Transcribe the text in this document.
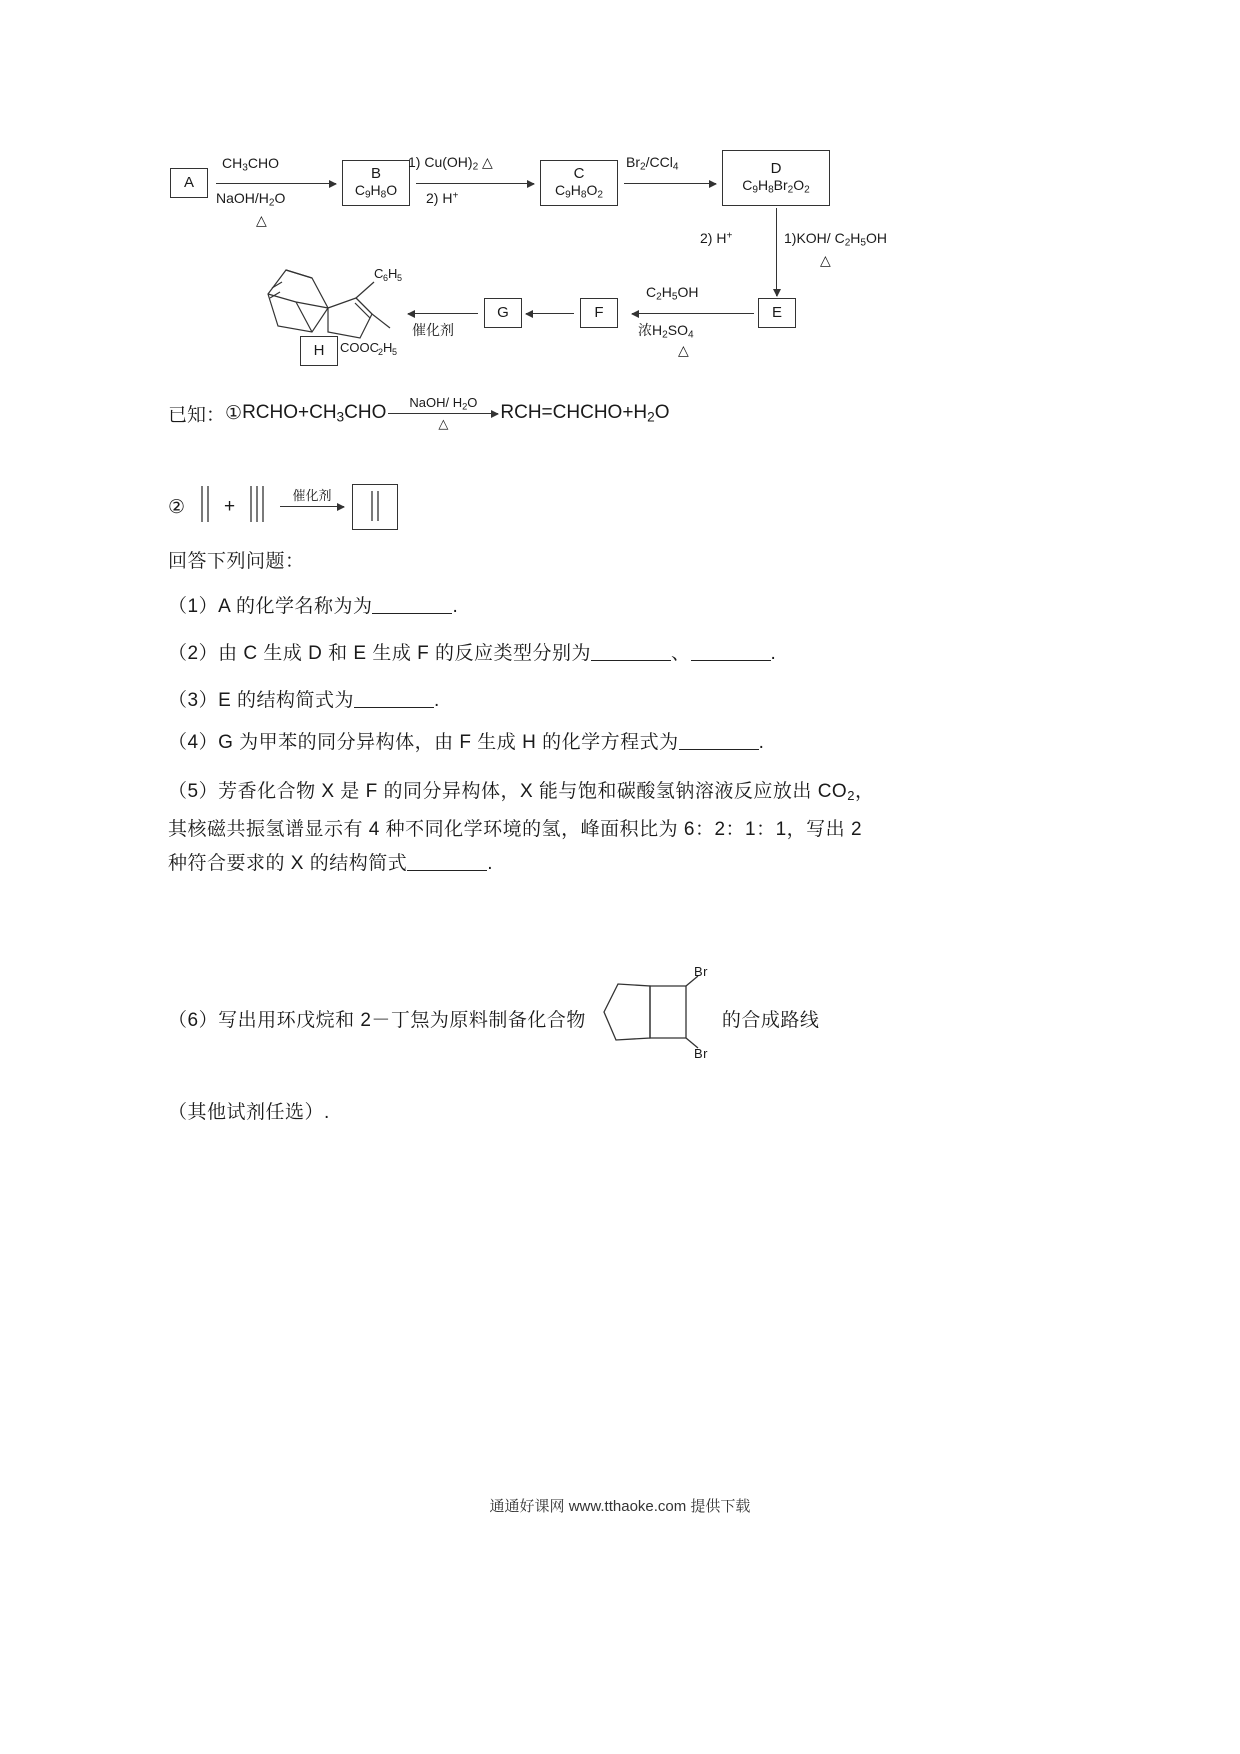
A
$CH_3CHO$
NaOH/$H_2O$
△
B
$C_9H_8O$
1) $Cu(OH)_2$ △
2) H+
C
$C_9H_8O_2$
$Br_2/CCl_4$	D
$C_9H_8Br_2O_2$
2) H+	1)KOH/ $C_2H_5OH$
△
E
$C_2H_5OH$
浓$H_2SO_4$
△
F
G
催化剂
C 6 H 5
COOC 2 H 5
H
已知： ① $RCHO+CH_3CHO$
NaOH/ $H_2O$
△
$RCH=CHCHO+H_2O$
② +
催化剂
回答下列问题：
（1）A 的化学名称为为	.
（2）由 C 生成 D 和 E 生成 F 的反应类型分别为	、	.
（3）E 的结构简式为	.
（4）G 为甲苯的同分异构体，由 F 生成 H 的化学方程式为	.
（5）芳香化合物 X 是 F 的同分异构体，X 能与饱和碳酸氢钠溶液反应放出 CO2，
其核磁共振氢谱显示有 4 种不同化学环境的氢，峰面积比为 6：2：1：1，写出 2
种符合要求的 X 的结构简式	.
（6）写出用环戊烷和 2－丁炰为原料制备化合物
Br
Br
的合成路线
（其他试剂任选）.
通通好课网 www.tthaoke.com 提供下载
